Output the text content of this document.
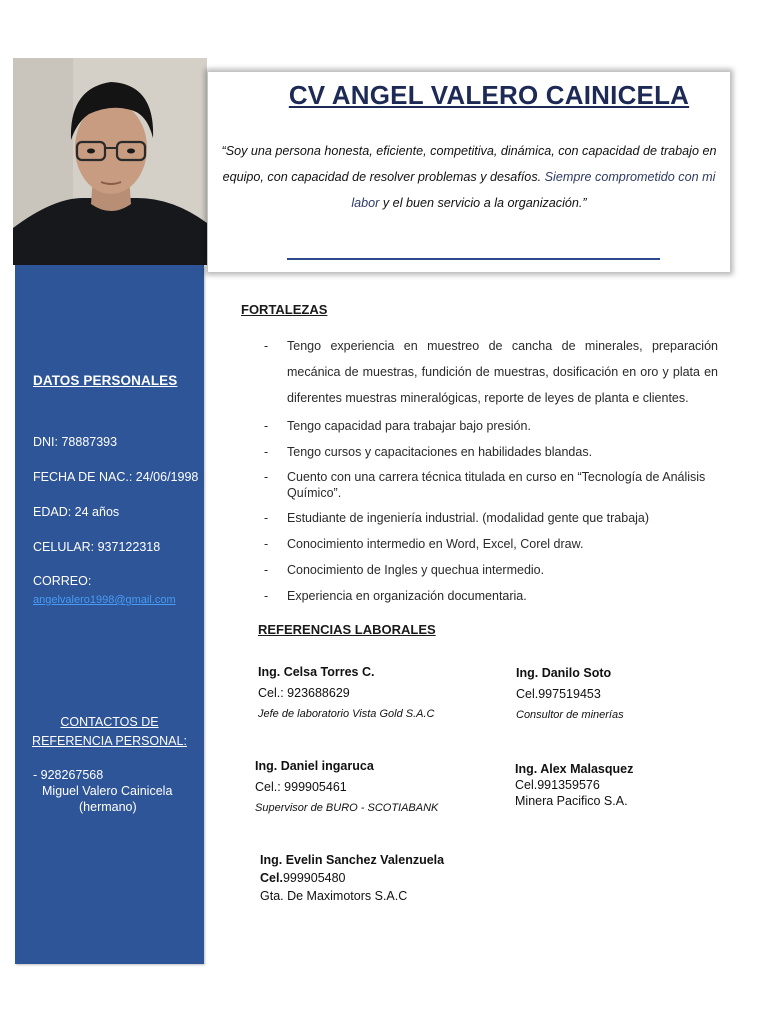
DATOS PERSONALES
DNI: 78887393
FECHA DE NAC.: 24/06/1998
EDAD: 24 años
CELULAR: 937122318
CORREO:
angelvalero1998@gmail.com
CONTACTOS DE
REFERENCIA PERSONAL:
- 928267568
Miguel Valero Cainicela
(hermano)
CV ANGEL VALERO CAINICELA
“Soy una persona honesta, eficiente, competitiva, dinámica, con capacidad de trabajo en equipo, con capacidad de resolver problemas y desafíos. Siempre comprometido con mi labor y el buen servicio a la organización.”
FORTALEZAS
- Tengo experiencia en muestreo de cancha de minerales, preparación mecánica de muestras, fundición de muestras, dosificación en oro y plata en diferentes muestras mineralógicas, reporte de leyes de planta e clientes.
- Tengo capacidad para trabajar bajo presión.
- Tengo cursos y capacitaciones en habilidades blandas.
- Cuento con una carrera técnica titulada en curso en “Tecnología de Análisis Químico”.
- Estudiante de ingeniería industrial. (modalidad gente que trabaja)
- Conocimiento intermedio en Word, Excel, Corel draw.
- Conocimiento de Ingles y quechua intermedio.
- Experiencia en organización documentaria.
REFERENCIAS LABORALES
Ing. Celsa Torres C.
Cel.: 923688629
Jefe de laboratorio Vista Gold S.A.C
Ing. Danilo Soto
Cel.997519453
Consultor de minerías
Ing. Daniel ingaruca
Cel.: 999905461
Supervisor de BURO - SCOTIABANK
Ing. Alex Malasquez
Cel.991359576
Minera Pacifico S.A.
Ing. Evelin Sanchez Valenzuela
Cel.999905480
Gta. De Maximotors S.A.C
